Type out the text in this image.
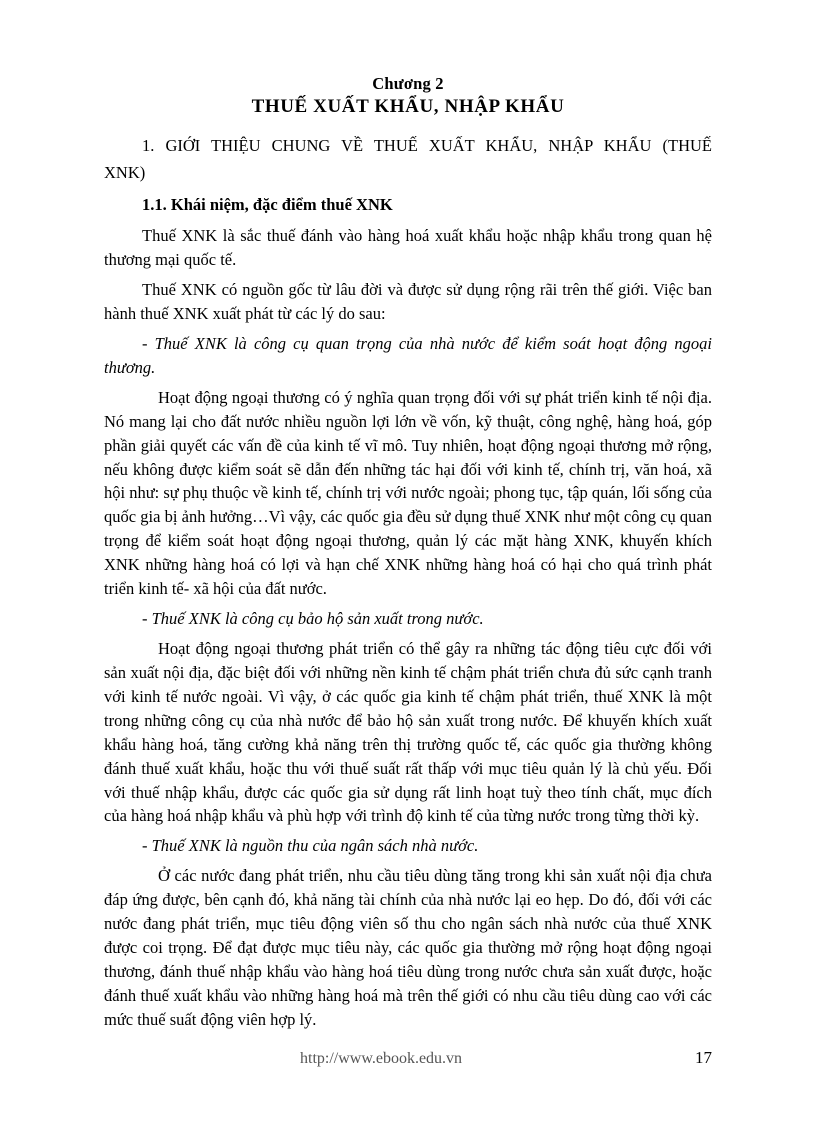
Chương 2
THUẾ XUẤT KHẨU, NHẬP KHẨU
1. GIỚI THIỆU CHUNG VỀ THUẾ XUẤT KHẨU, NHẬP KHẨU (THUẾ
XNK)
1.1. Khái niệm, đặc điểm thuế XNK

Thuế XNK là sắc thuế đánh vào hàng hoá xuất khẩu hoặc nhập khẩu trong quan hệ thương mại quốc tế.

Thuế XNK có nguồn gốc từ lâu đời và được sử dụng rộng rãi trên thế giới. Việc ban hành thuế XNK xuất phát từ các lý do sau:

- Thuế XNK là công cụ quan trọng của nhà nước để kiểm soát hoạt động ngoại thương.

Hoạt động ngoại thương có ý nghĩa quan trọng đối với sự phát triển kinh tế nội địa. Nó mang lại cho đất nước nhiều nguồn lợi lớn về vốn, kỹ thuật, công nghệ, hàng hoá, góp phần giải quyết các vấn đề của kinh tế vĩ mô. Tuy nhiên, hoạt động ngoại thương mở rộng, nếu không được kiểm soát sẽ dẫn đến những tác hại đối với kinh tế, chính trị, văn hoá, xã hội như: sự phụ thuộc về kinh tế, chính trị với nước ngoài; phong tục, tập quán, lối sống của quốc gia bị ảnh hưởng…Vì vậy, các quốc gia đều sử dụng thuế XNK như một công cụ quan trọng để kiểm soát hoạt động ngoại thương, quản lý các mặt hàng XNK, khuyến khích XNK những hàng hoá có lợi và hạn chế XNK những hàng hoá có hại cho quá trình phát triển kinh tế- xã hội của đất nước.

- Thuế XNK là công cụ bảo hộ sản xuất trong nước.

Hoạt động ngoại thương phát triển có thể gây ra những tác động tiêu cực đối với sản xuất nội địa, đặc biệt đối với những nền kinh tế chậm phát triển chưa đủ sức cạnh tranh với kinh tế nước ngoài. Vì vậy, ở các quốc gia kinh tế chậm phát triển, thuế XNK là một trong những công cụ của nhà nước để bảo hộ sản xuất trong nước. Để khuyến khích xuất khẩu hàng hoá, tăng cường khả năng trên thị trường quốc tế, các quốc gia thường không đánh thuế xuất khẩu, hoặc thu với thuế suất rất thấp với mục tiêu quản lý là chủ yếu. Đối với thuế nhập khẩu, được các quốc gia sử dụng rất linh hoạt tuỳ theo tính chất, mục đích của hàng hoá nhập khẩu và phù hợp với trình độ kinh tế của từng nước trong từng thời kỳ.

- Thuế XNK là nguồn thu của ngân sách nhà nước.

Ở các nước đang phát triển, nhu cầu tiêu dùng tăng trong khi sản xuất nội địa chưa đáp ứng được, bên cạnh đó, khả năng tài chính của nhà nước lại eo hẹp. Do đó, đối với các nước đang phát triển, mục tiêu động viên số thu cho ngân sách nhà nước của thuế XNK được coi trọng. Để đạt được mục tiêu này, các quốc gia thường mở rộng hoạt động ngoại thương, đánh thuế nhập khẩu vào hàng hoá tiêu dùng trong nước chưa sản xuất được, hoặc đánh thuế xuất khẩu vào những hàng hoá mà trên thế giới có nhu cầu tiêu dùng cao với các mức thuế suất động viên hợp lý.

http://www.ebook.edu.vn	17
